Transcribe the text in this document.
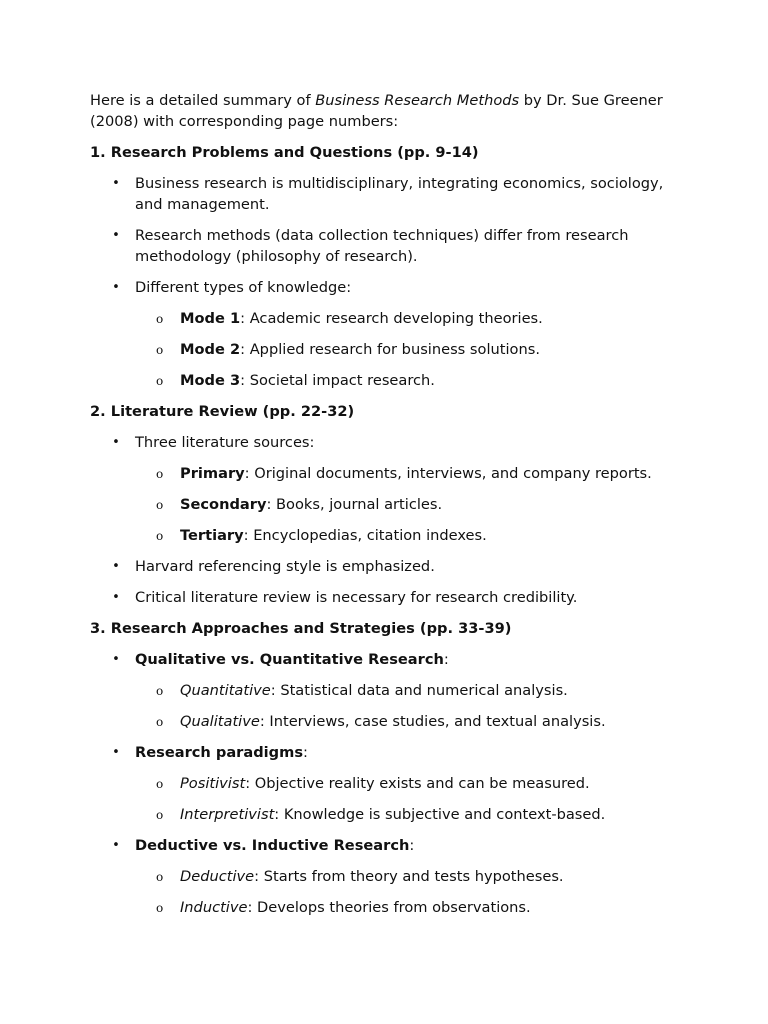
Here is a detailed summary of Business Research Methods by Dr. Sue Greener (2008) with corresponding page numbers:

1. Research Problems and Questions (pp. 9-14)

• Business research is multidisciplinary, integrating economics, sociology, and management.
• Research methods (data collection techniques) differ from research methodology (philosophy of research).
• Different types of knowledge:
o Mode 1: Academic research developing theories.
o Mode 2: Applied research for business solutions.
o Mode 3: Societal impact research.

2. Literature Review (pp. 22-32)

• Three literature sources:
o Primary: Original documents, interviews, and company reports.
o Secondary: Books, journal articles.
o Tertiary: Encyclopedias, citation indexes.
• Harvard referencing style is emphasized.
• Critical literature review is necessary for research credibility.

3. Research Approaches and Strategies (pp. 33-39)

• Qualitative vs. Quantitative Research:
o Quantitative: Statistical data and numerical analysis.
o Qualitative: Interviews, case studies, and textual analysis.
• Research paradigms:
o Positivist: Objective reality exists and can be measured.
o Interpretivist: Knowledge is subjective and context-based.
• Deductive vs. Inductive Research:
o Deductive: Starts from theory and tests hypotheses.
o Inductive: Develops theories from observations.
